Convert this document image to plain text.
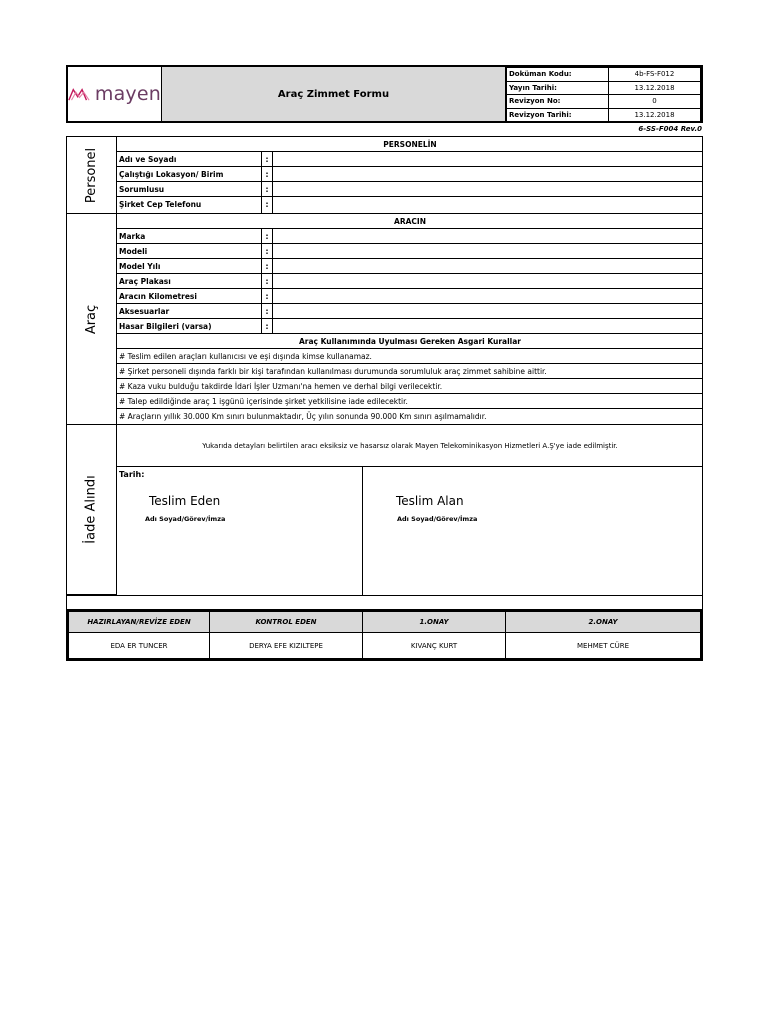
mayen	Araç Zimmet Formu
Doküman Kodu:	4b-FS-F012
Yayın Tarihi:	13.12.2018
Revizyon No:	0
Revizyon Tarihi:	13.12.2018
6-SS-F004 Rev.0
Personel
PERSONELİN
Adı ve Soyadı	:
Çalıştığı Lokasyon/ Birim	:
Sorumlusu	:
Şirket Cep Telefonu	:
Araç
ARACIN
Marka	:
Modeli	:
Model Yılı	:
Araç Plakası	:
Aracın Kilometresi	:
Aksesuarlar	:
Hasar Bilgileri (varsa)	:
Araç Kullanımında Uyulması Gereken Asgari Kurallar
# Teslim edilen araçları kullanıcısı ve eşi dışında kimse kullanamaz.
# Şirket personeli dışında farklı bir kişi tarafından kullanılması durumunda sorumluluk araç zimmet sahibine aittir.
# Kaza vuku bulduğu takdirde İdari İşler Uzmanı'na hemen ve derhal bilgi verilecektir.
# Talep edildiğinde araç 1 işgünü içerisinde şirket yetkilisine iade edilecektir.
# Araçların yıllık 30.000 Km sınırı bulunmaktadır, Üç yılın sonunda 90.000 Km sınırı aşılmamalıdır.
İade Alındı
Yukarıda detayları belirtilen aracı eksiksiz ve hasarsız olarak Mayen Telekominikasyon Hizmetleri A.Ş'ye iade edilmiştir.
Tarih:
Teslim Eden
Adı Soyad/Görev/İmza
Teslim Alan
Adı Soyad/Görev/İmza
HAZIRLAYAN/REVİZE EDEN	KONTROL EDEN	1.ONAY	2.ONAY
EDA ER TUNCER	DERYA EFE KIZILTEPE	KIVANÇ KURT	MEHMET CÜRE
